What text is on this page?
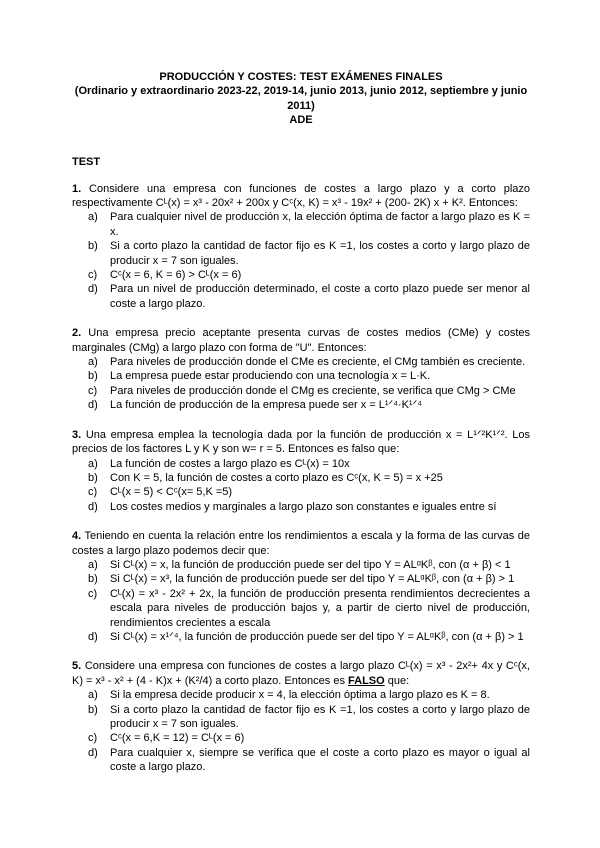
PRODUCCIÓN Y COSTES: TEST EXÁMENES FINALES
(Ordinario y extraordinario 2023-22, 2019-14, junio 2013, junio 2012, septiembre y junio 2011)
ADE
TEST

1. Considere una empresa con funciones de costes a largo plazo y a corto plazo respectivamente Cᴸ(x) = x³ - 20x² + 200x y Cᶜ(x, K) = x³ - 19x² + (200- 2K) x + K². Entonces:

a) Para cualquier nivel de producción x, la elección óptima de factor a largo plazo es K = x.
b) Si a corto plazo la cantidad de factor fijo es K =1, los costes a corto y largo plazo de producir x = 7 son iguales.
c) Cᶜ(x = 6, K = 6) > Cᴸ(x = 6)
d) Para un nivel de producción determinado, el coste a corto plazo puede ser menor al coste a largo plazo.

2. Una empresa precio aceptante presenta curvas de costes medios (CMe) y costes marginales (CMg) a largo plazo con forma de "U". Entonces:

a) Para niveles de producción donde el CMe es creciente, el CMg también es creciente.
b) La empresa puede estar produciendo con una tecnología x = L·K.
c) Para niveles de producción donde el CMg es creciente, se verifica que CMg > CMe
d) La función de producción de la empresa puede ser x = L¹ᐟ⁴·K¹ᐟ⁴

3. Una empresa emplea la tecnología dada por la función de producción x = L¹ᐟ²K¹ᐟ². Los precios de los factores L y K y son w= r = 5. Entonces es falso que:

a) La función de costes a largo plazo es Cᴸ(x) = 10x
b) Con K = 5, la función de costes a corto plazo es Cᶜ(x, K = 5) = x +25
c) Cᴸ(x = 5) < Cᶜ(x= 5,K =5)
d) Los costes medios y marginales a largo plazo son constantes e iguales entre sí

4. Teniendo en cuenta la relación entre los rendimientos a escala y la forma de las curvas de costes a largo plazo podemos decir que:

a) Si Cᴸ(x) = x, la función de producción puede ser del tipo Y = ALᵅKᵝ, con (α + β) < 1
b) Si Cᴸ(x) = x³, la función de producción puede ser del tipo Y = ALᵅKᵝ, con (α + β) > 1
c) Cᴸ(x) = x³ - 2x² + 2x, la función de producción presenta rendimientos decrecientes a escala para niveles de producción bajos y, a partir de cierto nivel de producción, rendimientos crecientes a escala
d) Si Cᴸ(x) = x¹ᐟ⁴, la función de producción puede ser del tipo Y = ALᵅKᵝ, con (α + β) > 1

5. Considere una empresa con funciones de costes a largo plazo Cᴸ(x) = x³ - 2x²+ 4x y Cᶜ(x, K) = x³ - x² + (4 - K)x + (K²/4) a corto plazo. Entonces es FALSO que:

a) Si la empresa decide producir x = 4, la elección óptima a largo plazo es K = 8.
b) Si a corto plazo la cantidad de factor fijo es K =1, los costes a corto y largo plazo de producir x = 7 son iguales.
c) Cᶜ(x = 6,K = 12) = Cᴸ(x = 6)
d) Para cualquier x, siempre se verifica que el coste a corto plazo es mayor o igual al coste a largo plazo.
